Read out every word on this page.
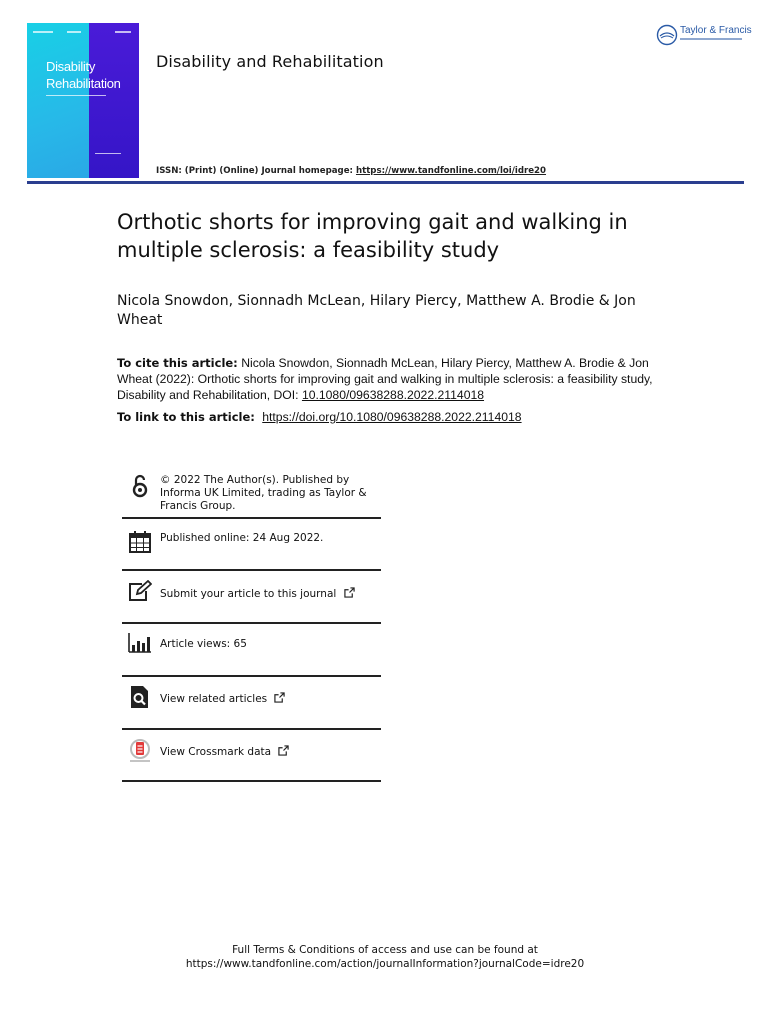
Disability
Rehabilitation
Disability and Rehabilitation
ISSN: (Print) (Online) Journal homepage: https://www.tandfonline.com/loi/idre20
Taylor & Francis
Orthotic shorts for improving gait and walking in multiple sclerosis: a feasibility study
Nicola Snowdon, Sionnadh McLean, Hilary Piercy, Matthew A. Brodie & Jon Wheat
To cite this article: Nicola Snowdon, Sionnadh McLean, Hilary Piercy, Matthew A. Brodie & Jon Wheat (2022): Orthotic shorts for improving gait and walking in multiple sclerosis: a feasibility study, Disability and Rehabilitation, DOI: 10.1080/09638288.2022.2114018
To link to this article: https://doi.org/10.1080/09638288.2022.2114018
© 2022 The Author(s). Published by Informa UK Limited, trading as Taylor & Francis Group.
Published online: 24 Aug 2022.
Submit your article to this journal
Article views: 65
View related articles
View Crossmark data
Full Terms & Conditions of access and use can be found at
https://www.tandfonline.com/action/journalInformation?journalCode=idre20
